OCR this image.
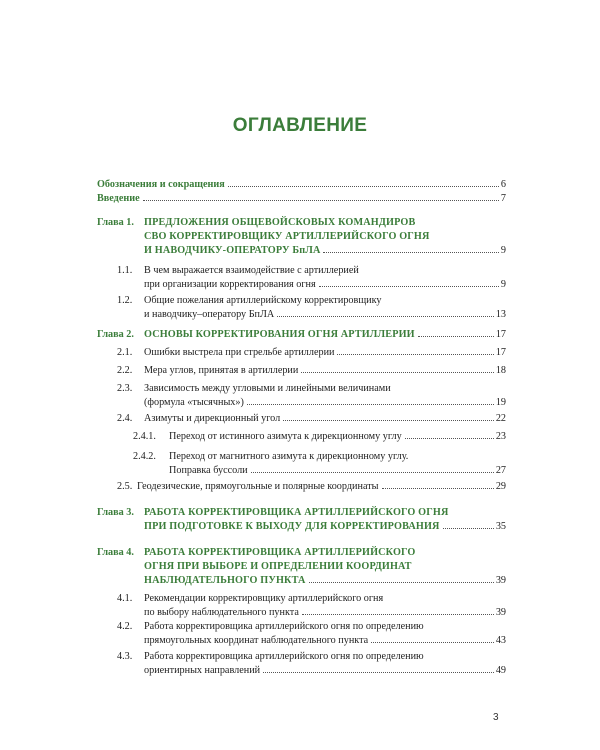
ОГЛАВЛЕНИЕ
Обозначения и сокращения	6
Введение	7
Глава 1. ПРЕДЛОЖЕНИЯ ОБЩЕВОЙСКОВЫХ КОМАНДИРОВ
СВО КОРРЕКТИРОВЩИКУ АРТИЛЛЕРИЙСКОГО ОГНЯ
И НАВОДЧИКУ-ОПЕРАТОРУ БпЛА	9
1.1. В чем выражается взаимодействие с артиллерией
при организации корректирования огня	9
1.2. Общие пожелания артиллерийскому корректировщику
и наводчику–оператору БпЛА	13
Глава 2. ОСНОВЫ КОРРЕКТИРОВАНИЯ ОГНЯ АРТИЛЛЕРИИ	17
2.1. Ошибки выстрела при стрельбе артиллерии	17
2.2. Мера углов, принятая в артиллерии	18
2.3. Зависимость между угловыми и линейными величинами
(формула «тысячных»)	19
2.4. Азимуты и дирекционный угол	22
2.4.1. Переход от истинного азимута к дирекционному углу	23
2.4.2. Переход от магнитного азимута к дирекционному углу.
Поправка буссоли	27
2.5. Геодезические, прямоугольные и полярные координаты	29
Глава 3. РАБОТА КОРРЕКТИРОВЩИКА АРТИЛЛЕРИЙСКОГО ОГНЯ
ПРИ ПОДГОТОВКЕ К ВЫХОДУ ДЛЯ КОРРЕКТИРОВАНИЯ	35
Глава 4. РАБОТА КОРРЕКТИРОВЩИКА АРТИЛЛЕРИЙСКОГО
ОГНЯ ПРИ ВЫБОРЕ И ОПРЕДЕЛЕНИИ КООРДИНАТ
НАБЛЮДАТЕЛЬНОГО ПУНКТА	39
4.1. Рекомендации корректировщику артиллерийского огня
по выбору наблюдательного пункта	39
4.2. Работа корректировщика артиллерийского огня по определению
прямоугольных координат наблюдательного пункта	43
4.3. Работа корректировщика артиллерийского огня по определению
ориентирных направлений	49
3
